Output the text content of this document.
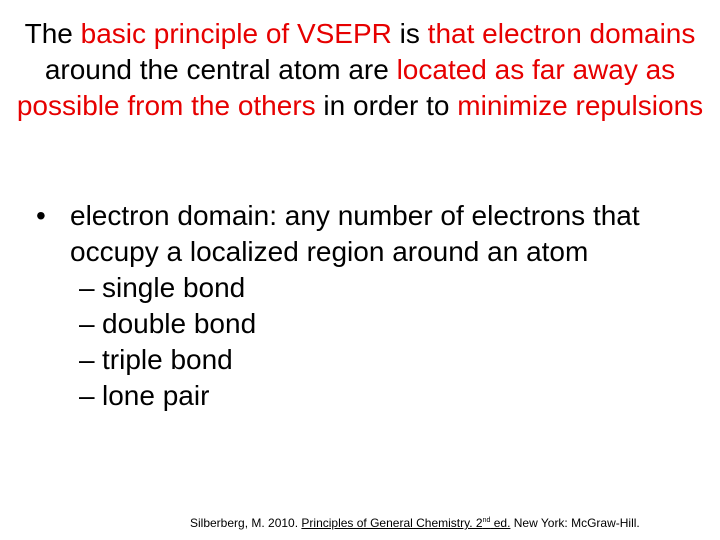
The basic principle of VSEPR is that electron domains around the central atom are located as far away as possible from the others in order to minimize repulsions
• electron domain: any number of electrons that occupy a localized region around an atom
– single bond
– double bond
– triple bond
– lone pair
Silberberg, M. 2010. Principles of General Chemistry. 2nd ed. New York: McGraw-Hill.
